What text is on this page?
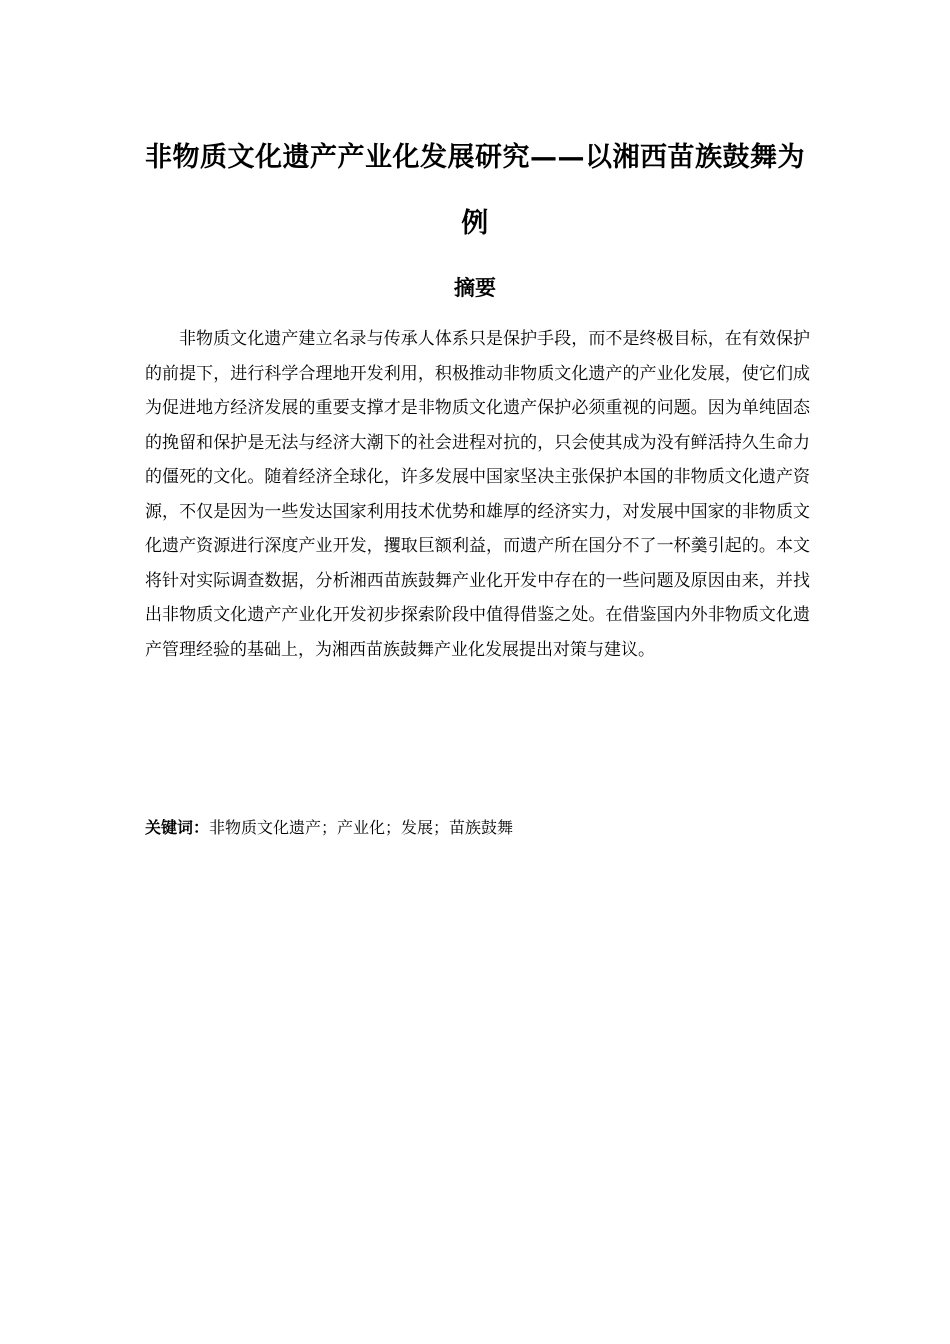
非物质文化遗产产业化发展研究——以湘西苗族鼓舞为例
摘要

非物质文化遗产建立名录与传承人体系只是保护手段，而不是终极目标，在有效保护的前提下，进行科学合理地开发利用，积极推动非物质文化遗产的产业化发展，使它们成为促进地方经济发展的重要支撑才是非物质文化遗产保护必须重视的问题。因为单纯固态的挽留和保护是无法与经济大潮下的社会进程对抗的，只会使其成为没有鲜活持久生命力的僵死的文化。随着经济全球化，许多发展中国家坚决主张保护本国的非物质文化遗产资源，不仅是因为一些发达国家利用技术优势和雄厚的经济实力，对发展中国家的非物质文化遗产资源进行深度产业开发，攫取巨额利益，而遗产所在国分不了一杯羹引起的。本文将针对实际调查数据，分析湘西苗族鼓舞产业化开发中存在的一些问题及原因由来，并找出非物质文化遗产产业化开发初步探索阶段中值得借鉴之处。在借鉴国内外非物质文化遗产管理经验的基础上，为湘西苗族鼓舞产业化发展提出对策与建议。

关键词：非物质文化遗产；产业化；发展；苗族鼓舞
